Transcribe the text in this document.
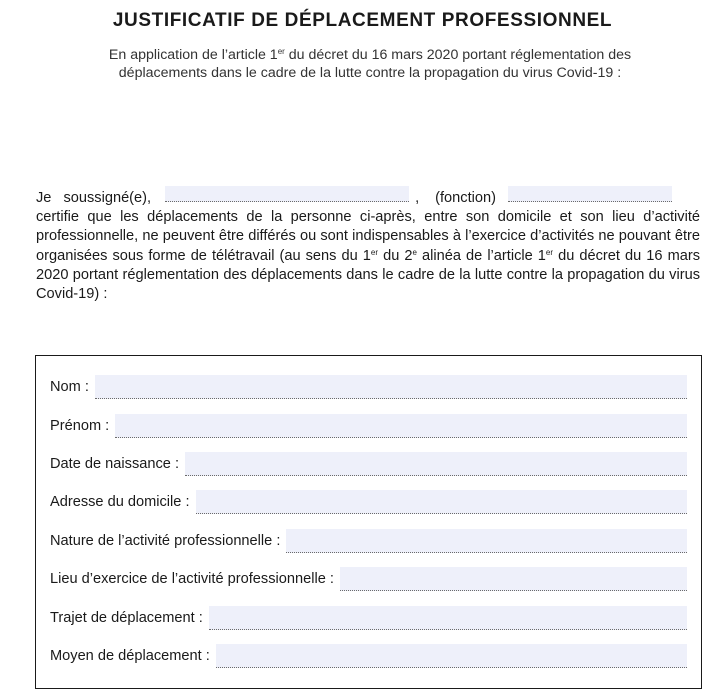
JUSTIFICATIF DE DÉPLACEMENT PROFESSIONNEL
En application de l’article 1er du décret du 16 mars 2020 portant réglementation des
déplacements dans le cadre de la lutte contre la propagation du virus Covid-19 :
Je soussigné(e),	, (fonction)
certifie que les déplacements de la personne ci-après, entre son domicile et son lieu d’activité professionnelle, ne peuvent être différés ou sont indispensables à l’exercice d’activités ne pouvant être organisées sous forme de télétravail (au sens du 1er du 2e alinéa de l’article 1er du décret du 16 mars 2020 portant réglementation des déplacements dans le cadre de la lutte contre la propagation du virus Covid-19) :
Nom :
Prénom :
Date de naissance :
Adresse du domicile :
Nature de l’activité professionnelle :
Lieu d’exercice de l’activité professionnelle :
Trajet de déplacement :
Moyen de déplacement :
